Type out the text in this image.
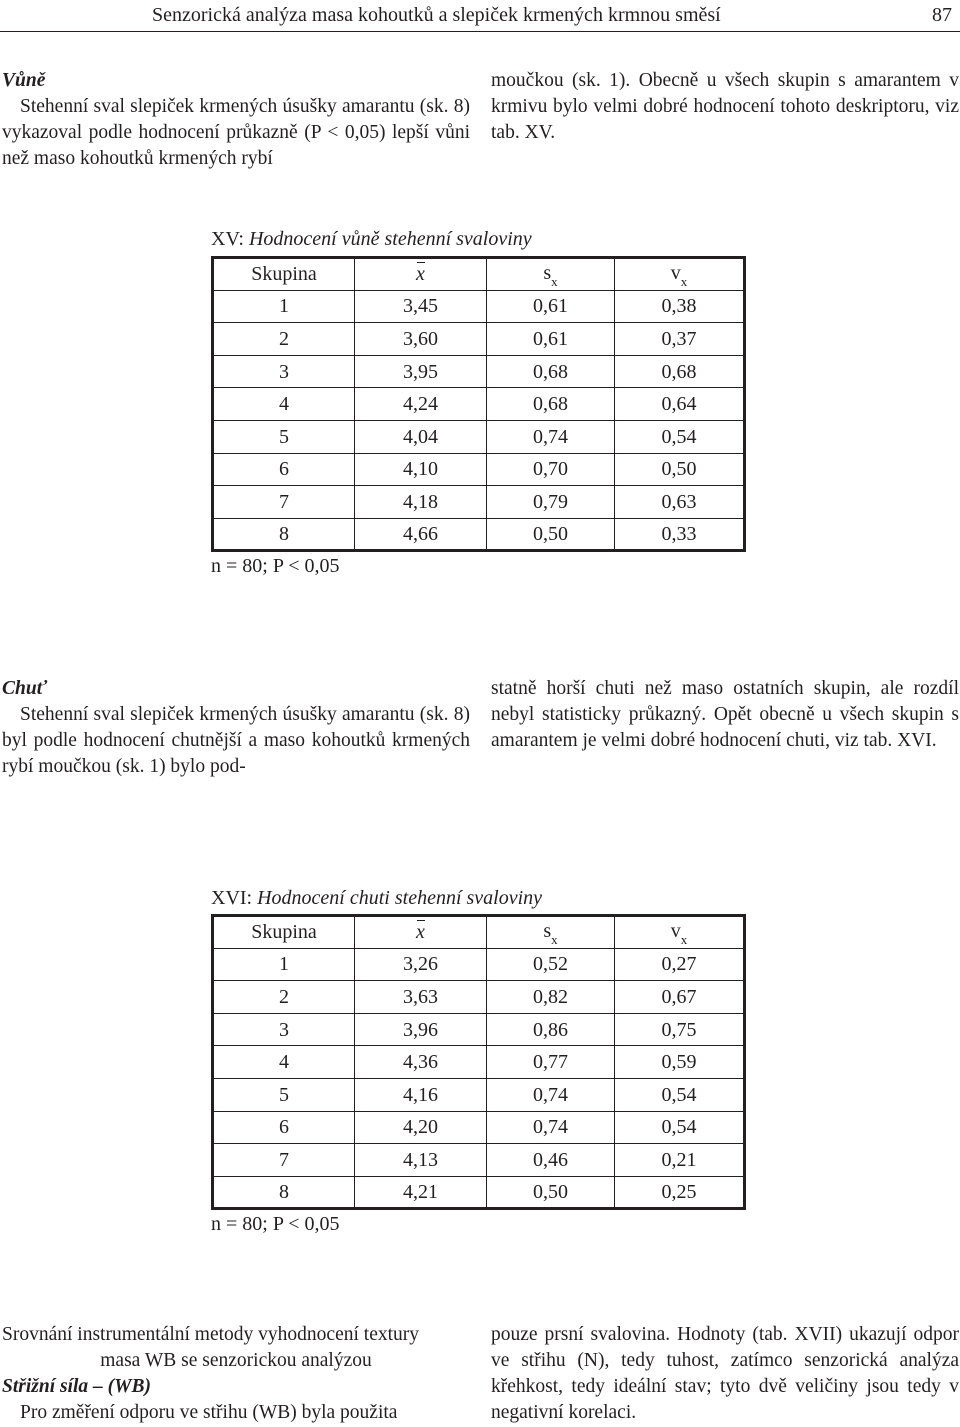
Senzorická analýza masa kohoutků a slepiček krmených krmnou směsí	87
Vůně

Stehenní sval slepiček krmených úsušky amarantu (sk. 8) vykazoval podle hodnocení průkazně (P < 0,05) lepší vůni než maso kohoutků krmených rybí

moučkou (sk. 1). Obecně u všech skupin s amarantem v krmivu bylo velmi dobré hodnocení tohoto deskriptoru, viz tab. XV.

XV: Hodnocení vůně stehenní svaloviny
Skupina	x	$s_x$	$v_x$
1	3,45	0,61	0,38
2	3,60	0,61	0,37
3	3,95	0,68	0,68
4	4,24	0,68	0,64
5	4,04	0,74	0,54
6	4,10	0,70	0,50
7	4,18	0,79	0,63
8	4,66	0,50	0,33
n = 80; P < 0,05
Chuť

Stehenní sval slepiček krmených úsušky amarantu (sk. 8) byl podle hodnocení chutnější a maso kohoutků krmených rybí moučkou (sk. 1) bylo pod-

statně horší chuti než maso ostatních skupin, ale rozdíl nebyl statisticky průkazný. Opět obecně u všech skupin s amarantem je velmi dobré hodnocení chuti, viz tab. XVI.

XVI: Hodnocení chuti stehenní svaloviny
Skupina	x	$s_x$	$v_x$
1	3,26	0,52	0,27
2	3,63	0,82	0,67
3	3,96	0,86	0,75
4	4,36	0,77	0,59
5	4,16	0,74	0,54
6	4,20	0,74	0,54
7	4,13	0,46	0,21
8	4,21	0,50	0,25
n = 80; P < 0,05
Srovnání instrumentální metody vyhodnocení textury
masa WB se senzorickou analýzou
Střižní síla – (WB)

Pro změření odporu ve střihu (WB) byla použita

pouze prsní svalovina. Hodnoty (tab. XVII) ukazují odpor ve střihu (N), tedy tuhost, zatímco senzorická analýza křehkost, tedy ideální stav; tyto dvě veličiny jsou tedy v negativní korelaci.
